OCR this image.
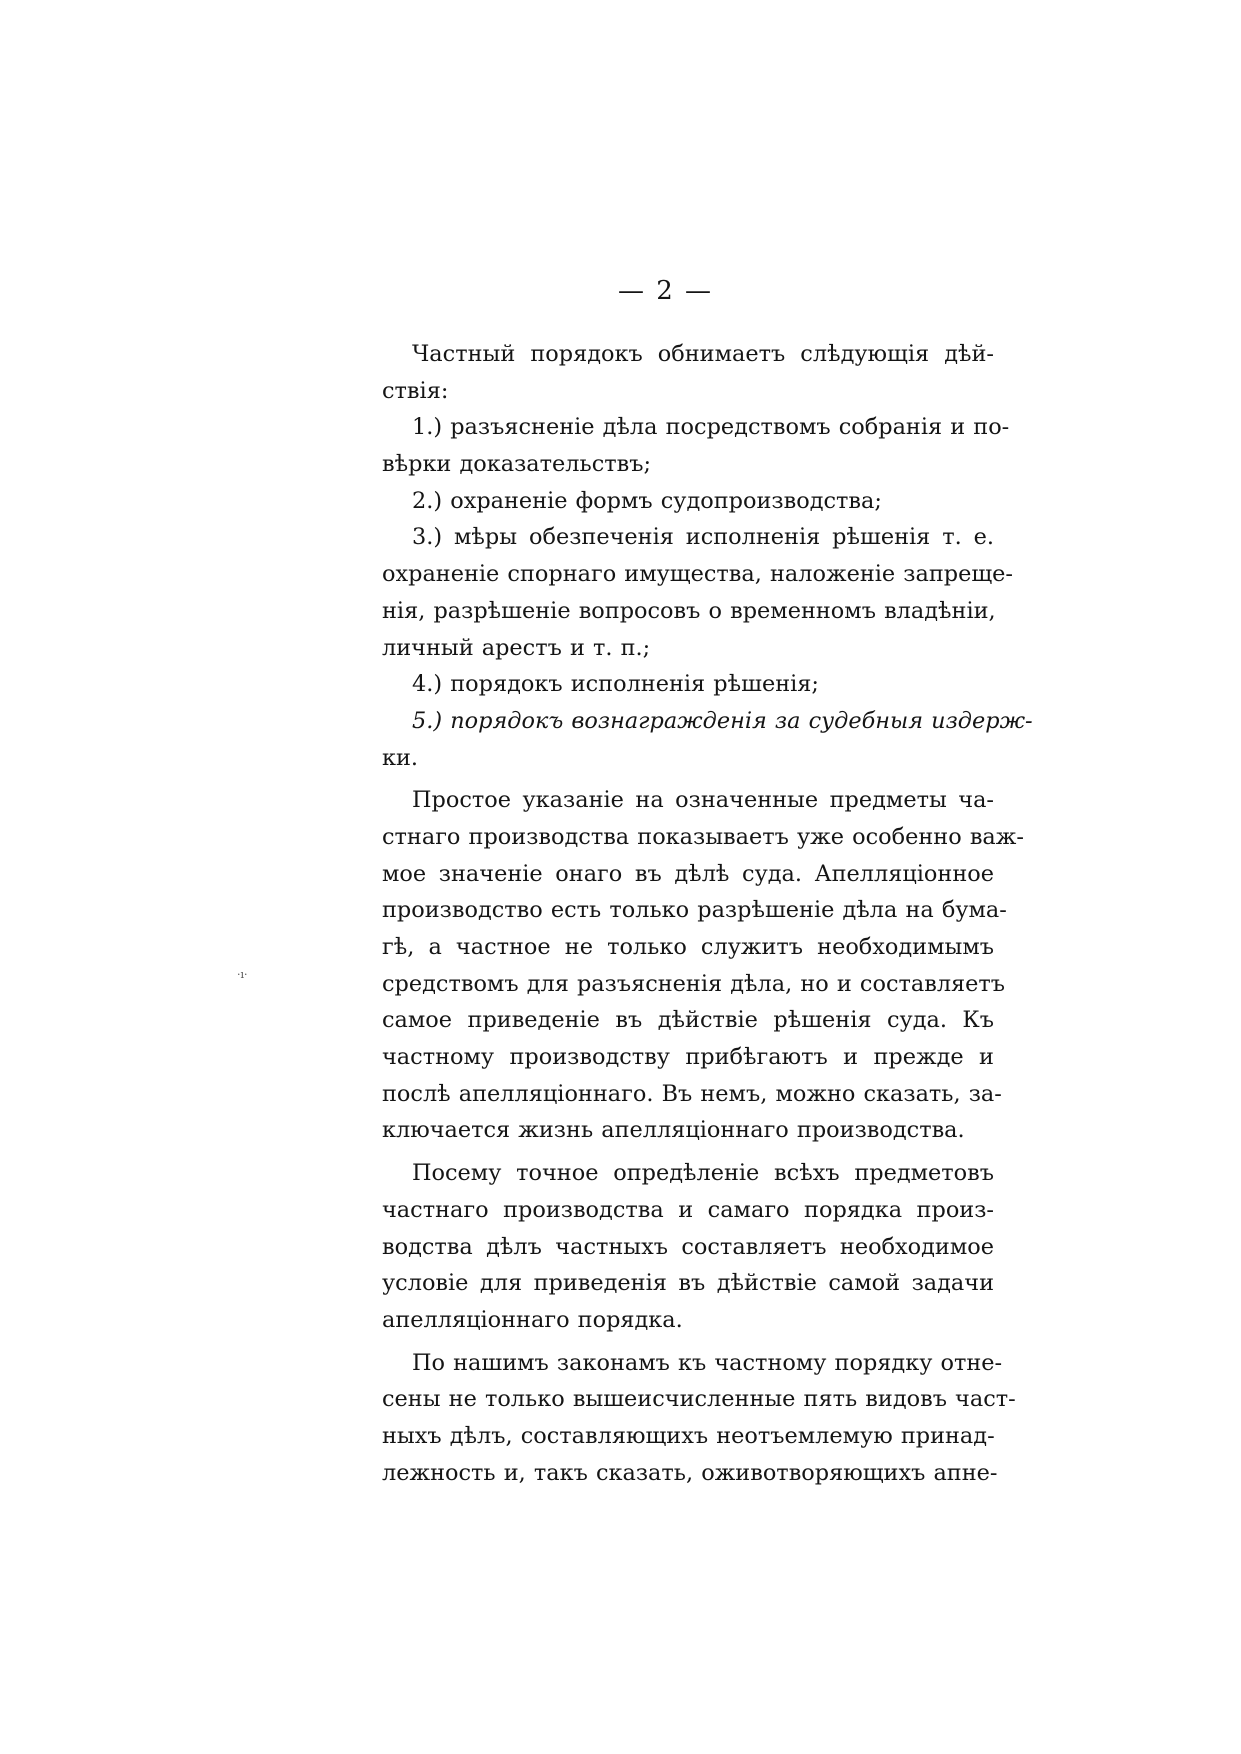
— 2 —
·ı·
Частный порядокъ обнимаетъ слѣдующія дѣй-
ствія:
1.) разъясненіе дѣла посредствомъ собранія и по-
вѣрки доказательствъ;
2.) охраненіе формъ судопроизводства;
3.) мѣры обезпеченія исполненія рѣшенія т. е.
охраненіе спорнаго имущества, наложеніе запреще-
нія, разрѣшеніе вопросовъ о временномъ владѣніи,
личный арестъ и т. п.;
4.) порядокъ исполненія рѣшенія;
5.) порядокъ вознагражденія за судебныя издерж-
ки.
Простое указаніе на означенные предметы ча-
стнаго производства показываетъ уже особенно важ-
мое значеніе онаго въ дѣлѣ суда. Апелляціонное
производство есть только разрѣшеніе дѣла на бума-
гѣ, а частное не только служитъ необходимымъ
средствомъ для разъясненія дѣла, но и составляетъ
самое приведеніе въ дѣйствіе рѣшенія суда. Къ
частному производству прибѣгаютъ и прежде и
послѣ апелляціоннаго. Въ немъ, можно сказать, за-
ключается жизнь апелляціоннаго производства.
Посему точное опредѣленіе всѣхъ предметовъ
частнаго производства и самаго порядка произ-
водства дѣлъ частныхъ составляетъ необходимое
условіе для приведенія въ дѣйствіе самой задачи
апелляціоннаго порядка.
По нашимъ законамъ къ частному порядку отне-
сены не только вышеисчисленные пять видовъ част-
ныхъ дѣлъ, составляющихъ неотъемлемую принад-
лежность и, такъ сказать, оживотворяющихъ апне-
